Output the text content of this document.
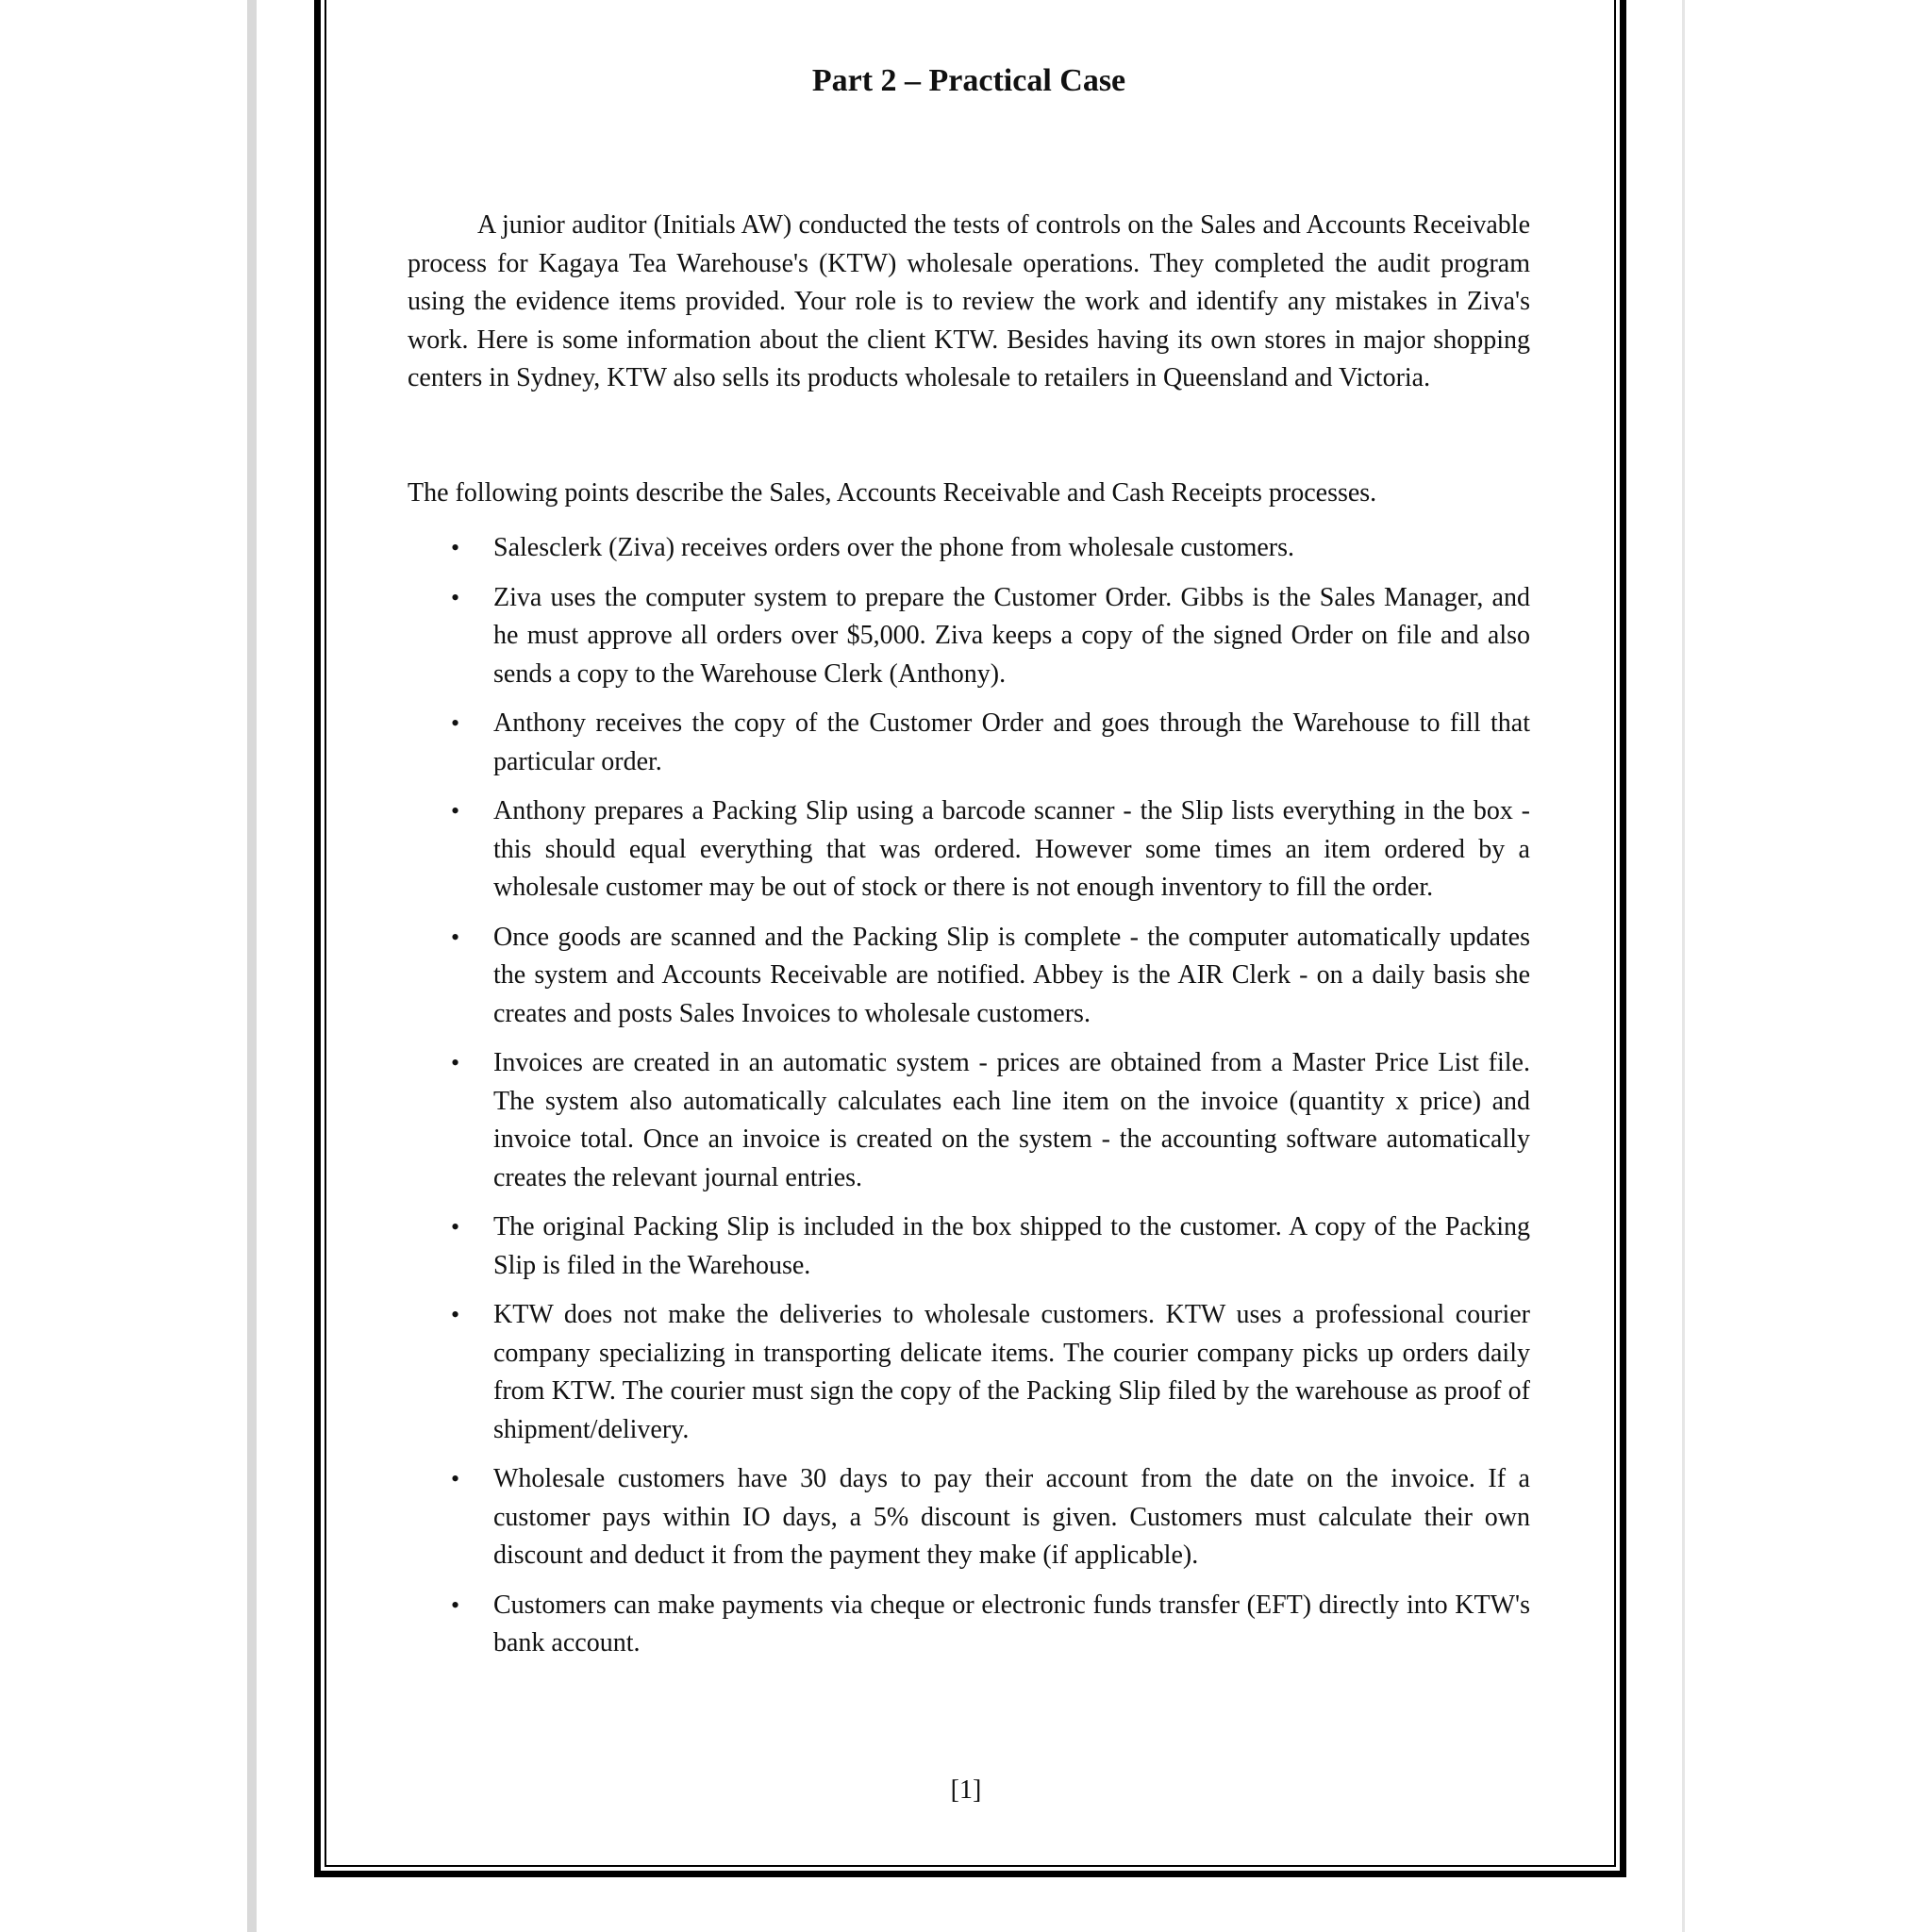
Part 2 – Practical Case

A junior auditor (Initials AW) conducted the tests of controls on the Sales and Accounts Receivable process for Kagaya Tea Warehouse's (KTW) wholesale operations. They completed the audit program using the evidence items provided. Your role is to review the work and identify any mistakes in Ziva's work. Here is some information about the client KTW. Besides having its own stores in major shopping centers in Sydney, KTW also sells its products wholesale to retailers in Queensland and Victoria.

The following points describe the Sales, Accounts Receivable and Cash Receipts processes.

• Salesclerk (Ziva) receives orders over the phone from wholesale customers.
• Ziva uses the computer system to prepare the Customer Order. Gibbs is the Sales Manager, and he must approve all orders over $5,000. Ziva keeps a copy of the signed Order on file and also sends a copy to the Warehouse Clerk (Anthony).
• Anthony receives the copy of the Customer Order and goes through the Warehouse to fill that particular order.
• Anthony prepares a Packing Slip using a barcode scanner - the Slip lists everything in the box - this should equal everything that was ordered. However some times an item ordered by a wholesale customer may be out of stock or there is not enough inventory to fill the order.
• Once goods are scanned and the Packing Slip is complete - the computer automatically updates the system and Accounts Receivable are notified. Abbey is the AIR Clerk - on a daily basis she creates and posts Sales Invoices to wholesale customers.
• Invoices are created in an automatic system - prices are obtained from a Master Price List file. The system also automatically calculates each line item on the invoice (quantity x price) and invoice total. Once an invoice is created on the system - the accounting software automatically creates the relevant journal entries.
• The original Packing Slip is included in the box shipped to the customer. A copy of the Packing Slip is filed in the Warehouse.
• KTW does not make the deliveries to wholesale customers. KTW uses a professional courier company specializing in transporting delicate items. The courier company picks up orders daily from KTW. The courier must sign the copy of the Packing Slip filed by the warehouse as proof of shipment/delivery.
• Wholesale customers have 30 days to pay their account from the date on the invoice. If a customer pays within IO days, a 5% discount is given. Customers must calculate their own discount and deduct it from the payment they make (if applicable).
• Customers can make payments via cheque or electronic funds transfer (EFT) directly into KTW's bank account.
[1]
